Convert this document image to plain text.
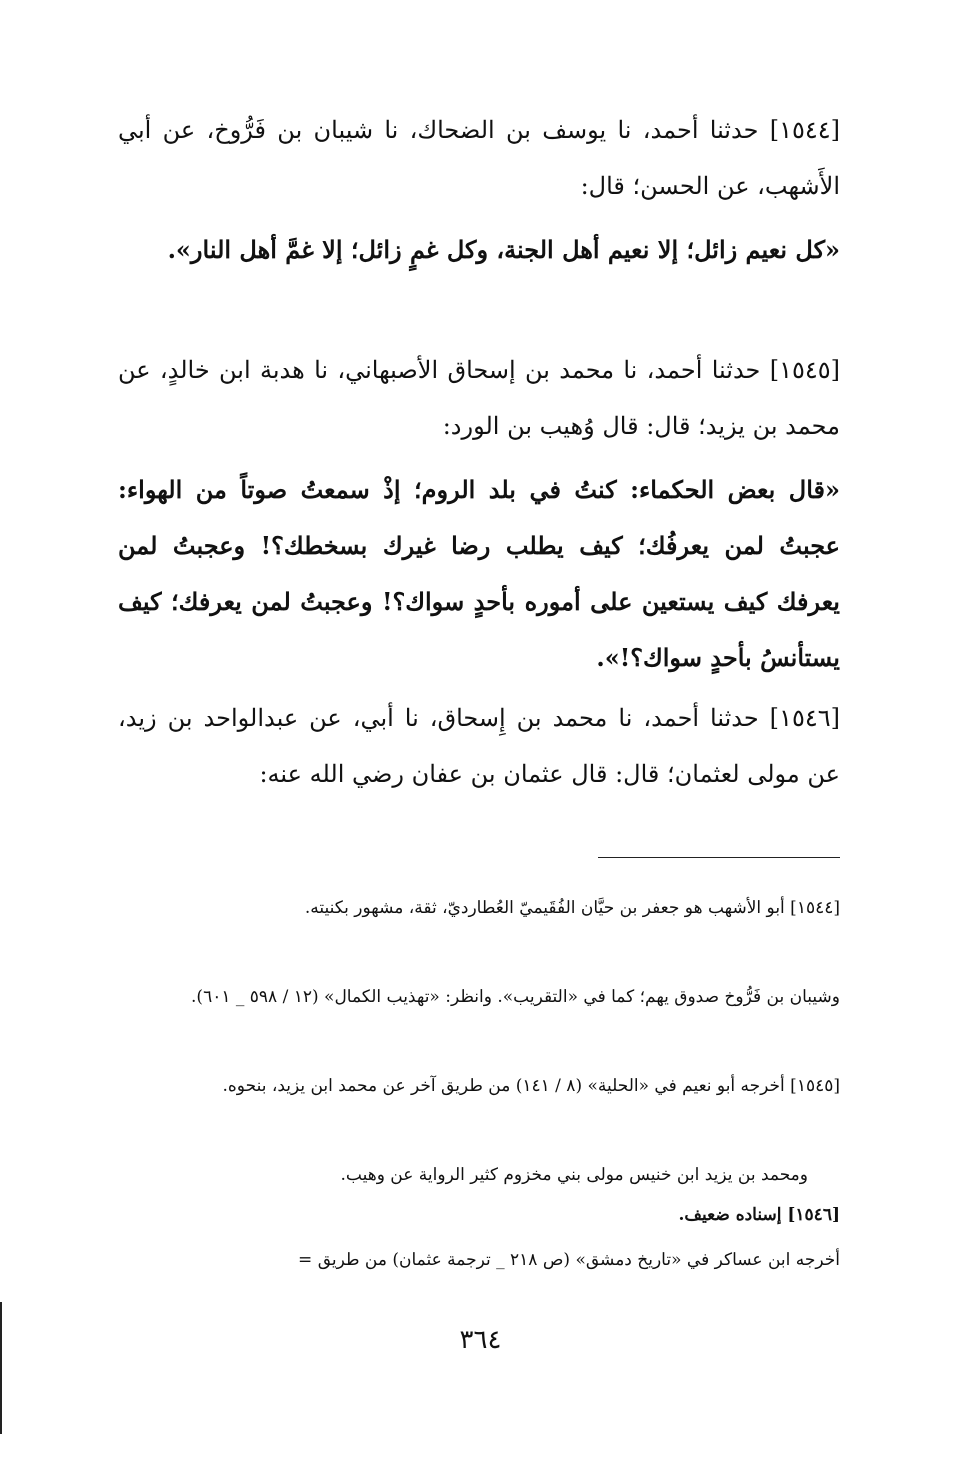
[١٥٤٤] حدثنا أحمد، نا يوسف بن الضحاك، نا شيبان بن فَرُّوخ، عن أبي الأَشهب، عن الحسن؛ قال:

«كل نعيم زائل؛ إلا نعيم أهل الجنة، وكل غمٍ زائل؛ إلا غمَّ أهل النار».

[١٥٤٥] حدثنا أحمد، نا محمد بن إسحاق الأصبهاني، نا هدبة ابن خالدٍ، عن محمد بن يزيد؛ قال: قال وُهيب بن الورد:

«قال بعض الحكماء: كنتُ في بلد الروم؛ إذْ سمعتُ صوتاً من الهواء: عجبتُ لمن يعرفُك؛ كيف يطلب رضا غيرك بسخطك؟! وعجبتُ لمن يعرفك كيف يستعين على أموره بأحدٍ سواك؟! وعجبتُ لمن يعرفك؛ كيف يستأنسُ بأحدٍ سواك؟!».

[١٥٤٦] حدثنا أحمد، نا محمد بن إِسحاق، نا أبي، عن عبدالواحد بن زيد، عن مولى لعثمان؛ قال: قال عثمان بن عفان رضي الله عنه:

[١٥٤٤] أبو الأشهب هو جعفر بن حيَّان الفُقَيميّ العُطارديّ، ثقة، مشهور بكنيته.

وشيبان بن فَرُّوخ صدوق يهم؛ كما في «التقريب». وانظر: «تهذيب الكمال» (١٢ / ٥٩٨ _ ٦٠١).

[١٥٤٥] أخرجه أبو نعيم في «الحلية» (٨ / ١٤١) من طريق آخر عن محمد ابن يزيد، بنحوه.

ومحمد بن يزيد ابن خنيس مولى بني مخزوم كثير الرواية عن وهيب.

[١٥٤٦] إسناده ضعيف.

أخرجه ابن عساكر في «تاريخ دمشق» (ص ٢١٨ _ ترجمة عثمان) من طريق =

٣٦٤
